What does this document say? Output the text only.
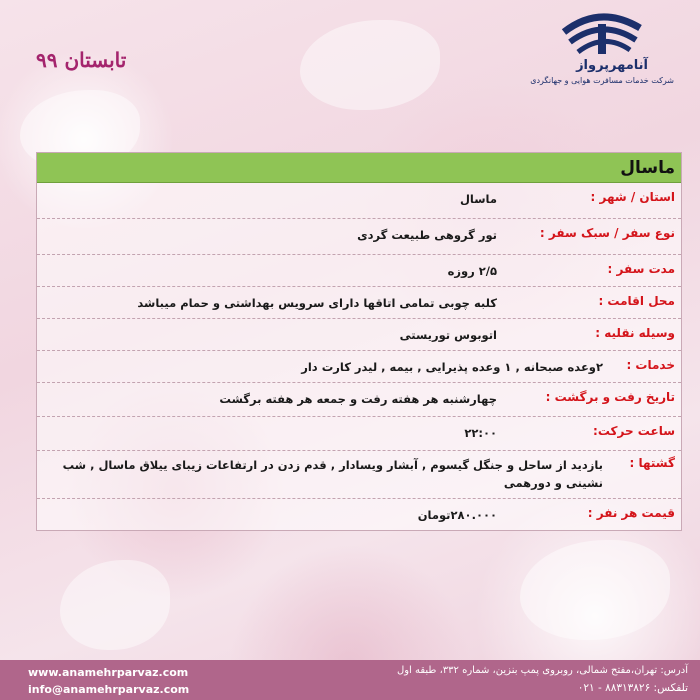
تابستان ۹۹	آنامهرپرواز
شرکت خدمات مسافرت هوایی و جهانگردی
ماسال
استان / شهر :
ماسال
نوع سفر / سبک سفر :
تور گروهی طبیعت گردی
مدت سفر :
۲/۵ روزه
محل اقامت :
کلبه چوبی تمامی اتاقها دارای سرویس بهداشتی و حمام میباشد
وسیله نقلیه :
اتوبوس توریستی
خدمات :
۲وعده صبحانه , ۱ وعده پذیرایی , بیمه , لیدر کارت دار
تاریخ رفت و برگشت :
چهارشنبه هر هفته رفت و جمعه هر هفته برگشت
ساعت حرکت:
۲۲:۰۰
گشتها :
بازدید از ساحل و جنگل گیسوم , آبشار ویسادار , قدم زدن در ارتفاعات زیبای ییلاق ماسال , شب نشینی و دورهمی
قیمت هر نفر :
۲۸۰.۰۰۰تومان
www.anamehrparvaz.com
info@anamehrparvaz.com
آدرس: تهران،مفتح شمالی، روبروی پمپ بنزین، شماره ۳۳۲، طبقه اول
تلفکس: ۸۸۳۱۳۸۲۶ - ۰۲۱
